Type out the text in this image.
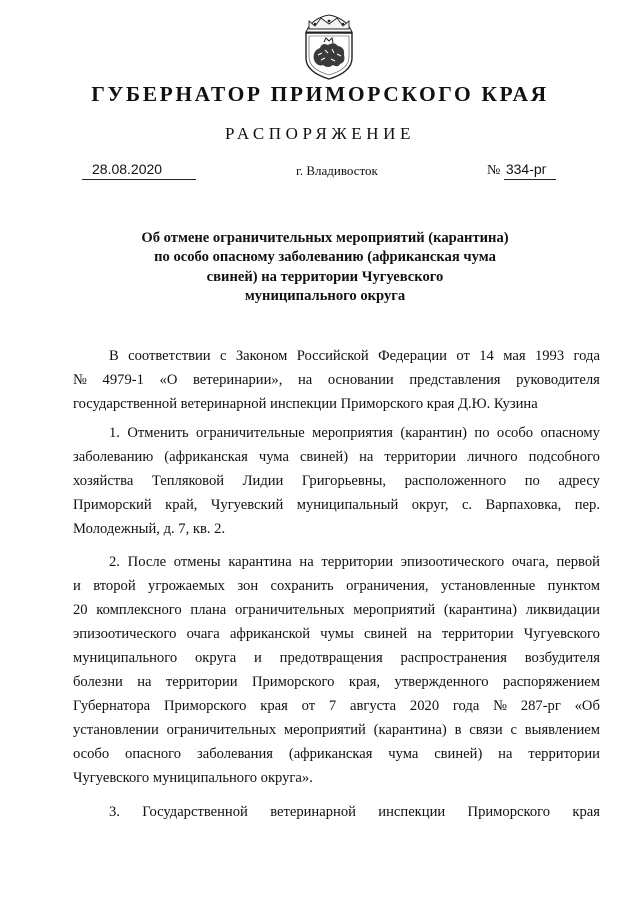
ГУБЕРНАТОР ПРИМОРСКОГО КРАЯ
РАСПОРЯЖЕНИЕ
28.08.2020	г. Владивосток	№ 334-рг
Об отмене ограничительных мероприятий (карантина)
по особо опасному заболеванию (африканская чума
свиней) на территории Чугуевского
муниципального округа

В соответствии с Законом Российской Федерации от 14 мая 1993 года
№ 4979-1 «О ветеринарии», на основании представления руководителя
государственной ветеринарной инспекции Приморского края Д.Ю. Кузина

1. Отменить ограничительные мероприятия (карантин) по особо опасному
заболеванию (африканская чума свиней) на территории личного подсобного
хозяйства Тепляковой Лидии Григорьевны, расположенного по адресу
Приморский край, Чугуевский муниципальный округ, с. Варпаховка, пер.
Молодежный, д. 7, кв. 2.

2. После отмены карантина на территории эпизоотического очага, первой
и второй угрожаемых зон сохранить ограничения, установленные пунктом
20 комплексного плана ограничительных мероприятий (карантина) ликвидации
эпизоотического очага африканской чумы свиней на территории Чугуевского
муниципального округа и предотвращения распространения возбудителя
болезни на территории Приморского края, утвержденного распоряжением
Губернатора Приморского края от 7 августа 2020 года № 287-рг «Об
установлении ограничительных мероприятий (карантина) в связи с выявлением
особо опасного заболевания (африканская чума свиней) на территории
Чугуевского муниципального округа».

3. Государственной ветеринарной инспекции Приморского края
